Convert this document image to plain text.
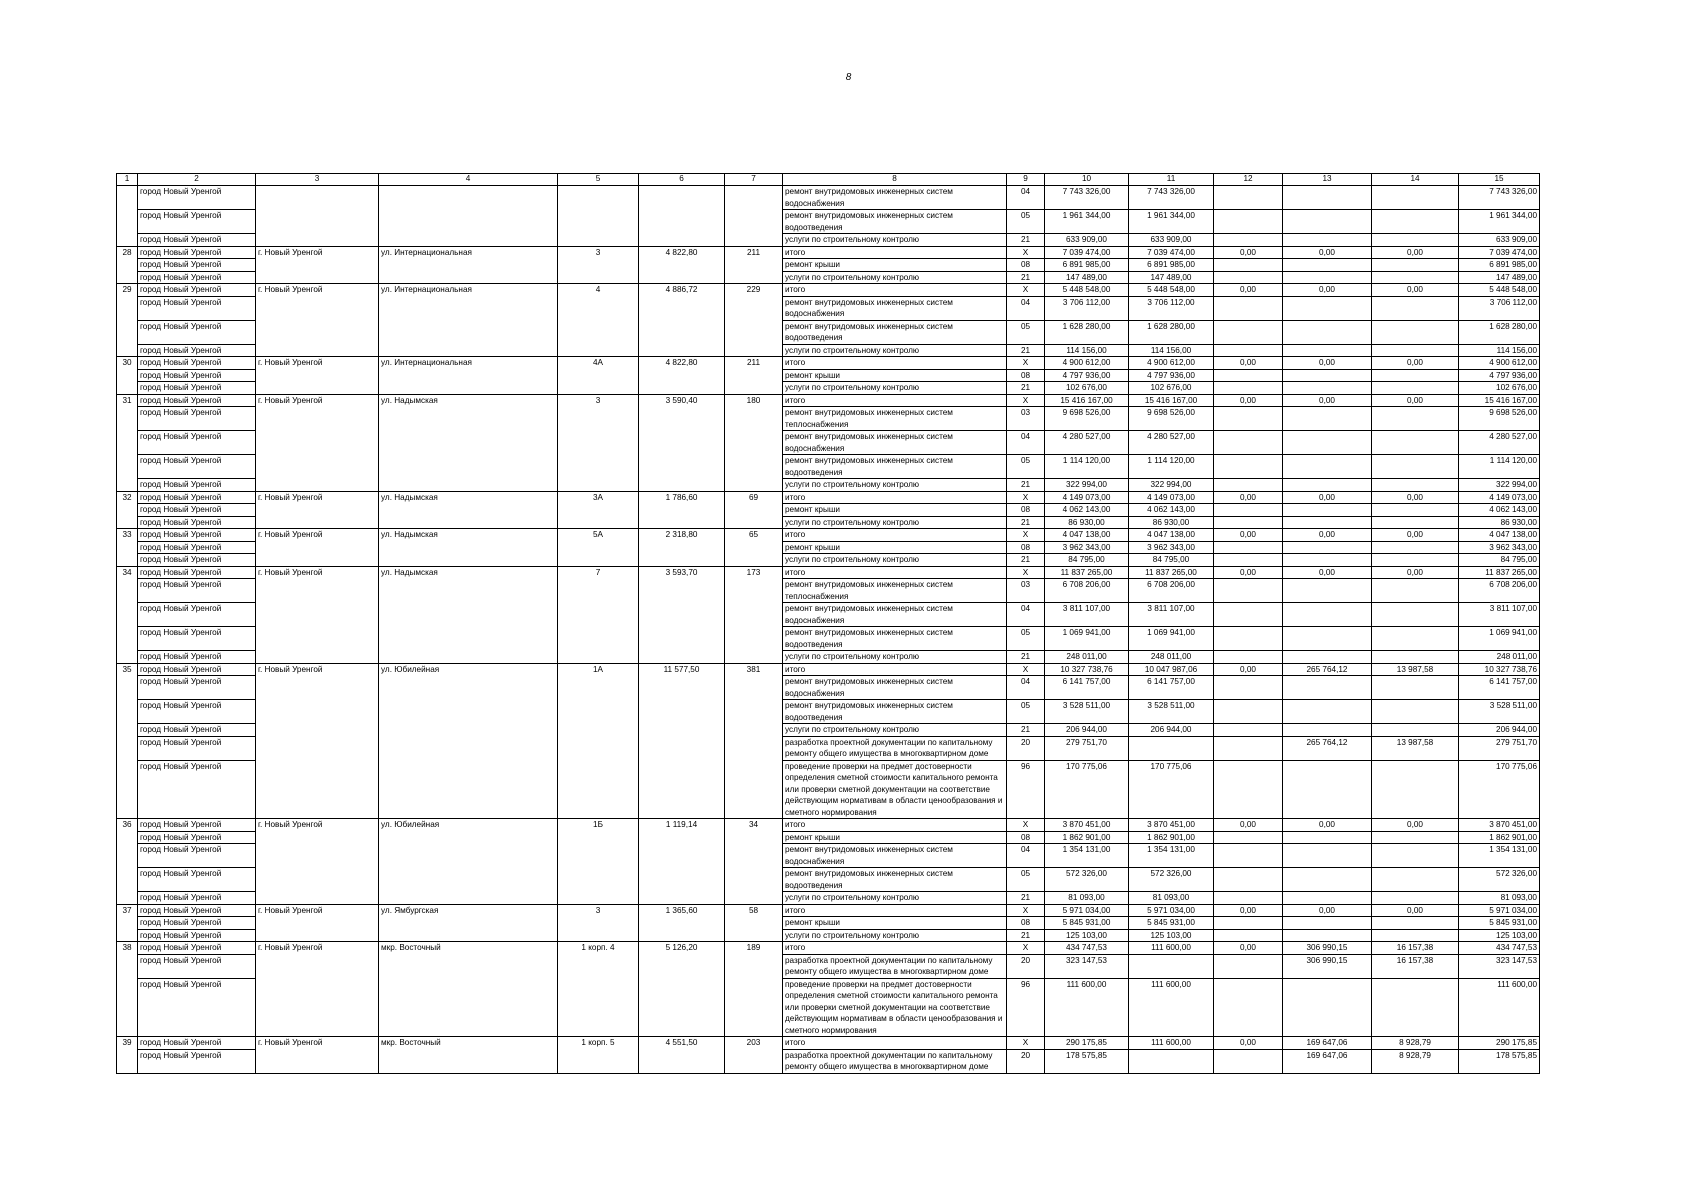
8
1	2	3	4	5	6	7	8	9	10	11	12	13	14	15
	город Новый Уренгой						ремонт внутридомовых инженерных систем водоснабжения	04	7 743 326,00	7 743 326,00				7 743 326,00
	город Новый Уренгой						ремонт внутридомовых инженерных систем водоотведения	05	1 961 344,00	1 961 344,00				1 961 344,00
	город Новый Уренгой						услуги по строительному контролю	21	633 909,00	633 909,00				633 909,00
28	город Новый Уренгой	г. Новый Уренгой	ул. Интернациональная	3	4 822,80	211	итого	X	7 039 474,00	7 039 474,00	0,00	0,00	0,00	7 039 474,00
	город Новый Уренгой						ремонт крыши	08	6 891 985,00	6 891 985,00				6 891 985,00
	город Новый Уренгой						услуги по строительному контролю	21	147 489,00	147 489,00				147 489,00
29	город Новый Уренгой	г. Новый Уренгой	ул. Интернациональная	4	4 886,72	229	итого	X	5 448 548,00	5 448 548,00	0,00	0,00	0,00	5 448 548,00
	город Новый Уренгой						ремонт внутридомовых инженерных систем водоснабжения	04	3 706 112,00	3 706 112,00				3 706 112,00
	город Новый Уренгой						ремонт внутридомовых инженерных систем водоотведения	05	1 628 280,00	1 628 280,00				1 628 280,00
	город Новый Уренгой						услуги по строительному контролю	21	114 156,00	114 156,00				114 156,00
30	город Новый Уренгой	г. Новый Уренгой	ул. Интернациональная	4А	4 822,80	211	итого	X	4 900 612,00	4 900 612,00	0,00	0,00	0,00	4 900 612,00
	город Новый Уренгой						ремонт крыши	08	4 797 936,00	4 797 936,00				4 797 936,00
	город Новый Уренгой						услуги по строительному контролю	21	102 676,00	102 676,00				102 676,00
31	город Новый Уренгой	г. Новый Уренгой	ул. Надымская	3	3 590,40	180	итого	X	15 416 167,00	15 416 167,00	0,00	0,00	0,00	15 416 167,00
	город Новый Уренгой						ремонт внутридомовых инженерных систем теплоснабжения	03	9 698 526,00	9 698 526,00				9 698 526,00
	город Новый Уренгой						ремонт внутридомовых инженерных систем водоснабжения	04	4 280 527,00	4 280 527,00				4 280 527,00
	город Новый Уренгой						ремонт внутридомовых инженерных систем водоотведения	05	1 114 120,00	1 114 120,00				1 114 120,00
	город Новый Уренгой						услуги по строительному контролю	21	322 994,00	322 994,00				322 994,00
32	город Новый Уренгой	г. Новый Уренгой	ул. Надымская	3А	1 786,60	69	итого	X	4 149 073,00	4 149 073,00	0,00	0,00	0,00	4 149 073,00
	город Новый Уренгой						ремонт крыши	08	4 062 143,00	4 062 143,00				4 062 143,00
	город Новый Уренгой						услуги по строительному контролю	21	86 930,00	86 930,00				86 930,00
33	город Новый Уренгой	г. Новый Уренгой	ул. Надымская	5А	2 318,80	65	итого	X	4 047 138,00	4 047 138,00	0,00	0,00	0,00	4 047 138,00
	город Новый Уренгой						ремонт крыши	08	3 962 343,00	3 962 343,00				3 962 343,00
	город Новый Уренгой						услуги по строительному контролю	21	84 795,00	84 795,00				84 795,00
34	город Новый Уренгой	г. Новый Уренгой	ул. Надымская	7	3 593,70	173	итого	X	11 837 265,00	11 837 265,00	0,00	0,00	0,00	11 837 265,00
	город Новый Уренгой						ремонт внутридомовых инженерных систем теплоснабжения	03	6 708 206,00	6 708 206,00				6 708 206,00
	город Новый Уренгой						ремонт внутридомовых инженерных систем водоснабжения	04	3 811 107,00	3 811 107,00				3 811 107,00
	город Новый Уренгой						ремонт внутридомовых инженерных систем водоотведения	05	1 069 941,00	1 069 941,00				1 069 941,00
	город Новый Уренгой						услуги по строительному контролю	21	248 011,00	248 011,00				248 011,00
35	город Новый Уренгой	г. Новый Уренгой	ул. Юбилейная	1А	11 577,50	381	итого	X	10 327 738,76	10 047 987,06	0,00	265 764,12	13 987,58	10 327 738,76
	город Новый Уренгой						ремонт внутридомовых инженерных систем водоснабжения	04	6 141 757,00	6 141 757,00				6 141 757,00
	город Новый Уренгой						ремонт внутридомовых инженерных систем водоотведения	05	3 528 511,00	3 528 511,00				3 528 511,00
	город Новый Уренгой						услуги по строительному контролю	21	206 944,00	206 944,00				206 944,00
	город Новый Уренгой						разработка проектной документации по капитальному ремонту общего имущества в многоквартирном доме	20	279 751,70			265 764,12	13 987,58	279 751,70
	город Новый Уренгой						проведение проверки на предмет достоверности определения сметной стоимости капитального ремонта или проверки сметной документации на соответствие действующим нормативам в области ценообразования и сметного нормирования	96	170 775,06	170 775,06				170 775,06
36	город Новый Уренгой	г. Новый Уренгой	ул. Юбилейная	1Б	1 119,14	34	итого	X	3 870 451,00	3 870 451,00	0,00	0,00	0,00	3 870 451,00
	город Новый Уренгой						ремонт крыши	08	1 862 901,00	1 862 901,00				1 862 901,00
	город Новый Уренгой						ремонт внутридомовых инженерных систем водоснабжения	04	1 354 131,00	1 354 131,00				1 354 131,00
	город Новый Уренгой						ремонт внутридомовых инженерных систем водоотведения	05	572 326,00	572 326,00				572 326,00
	город Новый Уренгой						услуги по строительному контролю	21	81 093,00	81 093,00				81 093,00
37	город Новый Уренгой	г. Новый Уренгой	ул. Ямбургская	3	1 365,60	58	итого	X	5 971 034,00	5 971 034,00	0,00	0,00	0,00	5 971 034,00
	город Новый Уренгой						ремонт крыши	08	5 845 931,00	5 845 931,00				5 845 931,00
	город Новый Уренгой						услуги по строительному контролю	21	125 103,00	125 103,00				125 103,00
38	город Новый Уренгой	г. Новый Уренгой	мкр. Восточный	1 корп. 4	5 126,20	189	итого	X	434 747,53	111 600,00	0,00	306 990,15	16 157,38	434 747,53
	город Новый Уренгой						разработка проектной документации по капитальному ремонту общего имущества в многоквартирном доме	20	323 147,53			306 990,15	16 157,38	323 147,53
	город Новый Уренгой						проведение проверки на предмет достоверности определения сметной стоимости капитального ремонта или проверки сметной документации на соответствие действующим нормативам в области ценообразования и сметного нормирования	96	111 600,00	111 600,00				111 600,00
39	город Новый Уренгой	г. Новый Уренгой	мкр. Восточный	1 корп. 5	4 551,50	203	итого	X	290 175,85	111 600,00	0,00	169 647,06	8 928,79	290 175,85
	город Новый Уренгой						разработка проектной документации по капитальному ремонту общего имущества в многоквартирном доме	20	178 575,85			169 647,06	8 928,79	178 575,85
